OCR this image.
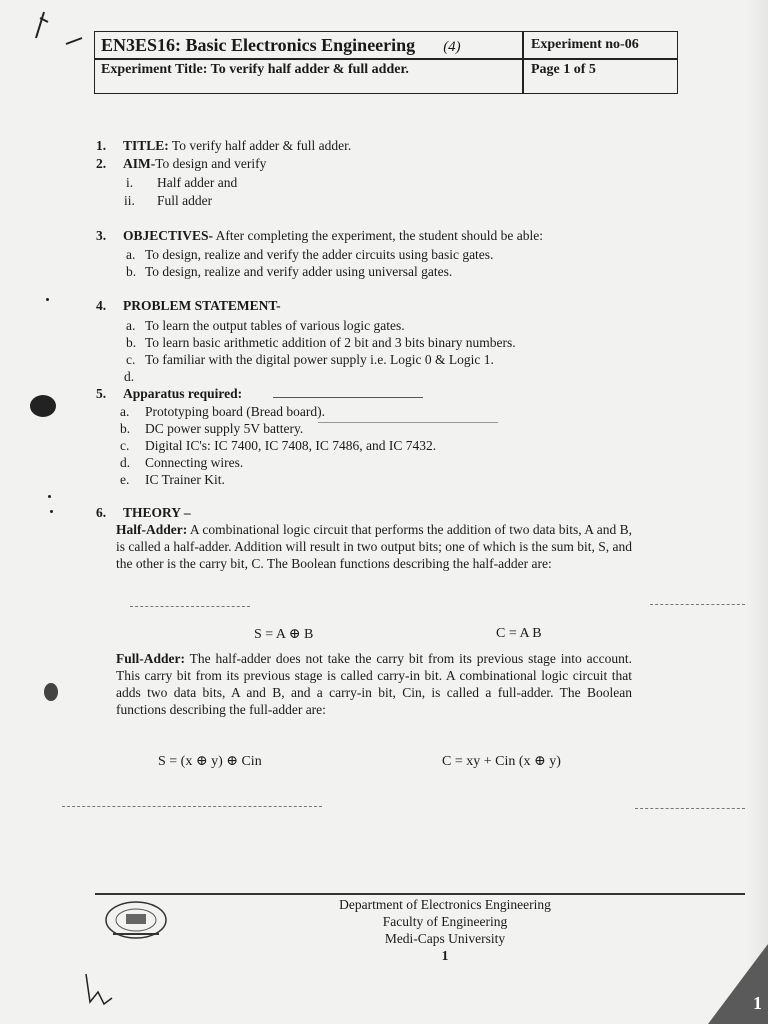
EN3ES16: Basic Electronics Engineering (4)	Experiment no-06
Experiment Title: To verify half adder & full adder.	Page 1 of 5
1. TITLE: To verify half adder & full adder.
2. AIM-To design and verify
i. Half adder and
ii. Full adder
3. OBJECTIVES- After completing the experiment, the student should be able:
a. To design, realize and verify the adder circuits using basic gates.
b. To design, realize and verify adder using universal gates.
4. PROBLEM STATEMENT-
a. To learn the output tables of various logic gates.
b. To learn basic arithmetic addition of 2 bit and 3 bits binary numbers.
c. To familiar with the digital power supply i.e. Logic 0 & Logic 1.
d.
5. Apparatus required:
a. Prototyping board (Bread board).
b. DC power supply 5V battery.
c. Digital IC's: IC 7400, IC 7408, IC 7486, and IC 7432.
d. Connecting wires.
e. IC Trainer Kit.
6. THEORY –
Half-Adder: A combinational logic circuit that performs the addition of two data bits, A and B, is called a half-adder. Addition will result in two output bits; one of which is the sum bit, S, and the other is the carry bit, C. The Boolean functions describing the half-adder are:
S = A ⊕ B	C = A B
Full-Adder: The half-adder does not take the carry bit from its previous stage into account. This carry bit from its previous stage is called carry-in bit. A combinational logic circuit that adds two data bits, A and B, and a carry-in bit, Cin, is called a full-adder. The Boolean functions describing the full-adder are:
S = (x ⊕ y) ⊕ Cin	C = xy + Cin (x ⊕ y)
Department of Electronics Engineering
Faculty of Engineering
Medi-Caps University
1
1
